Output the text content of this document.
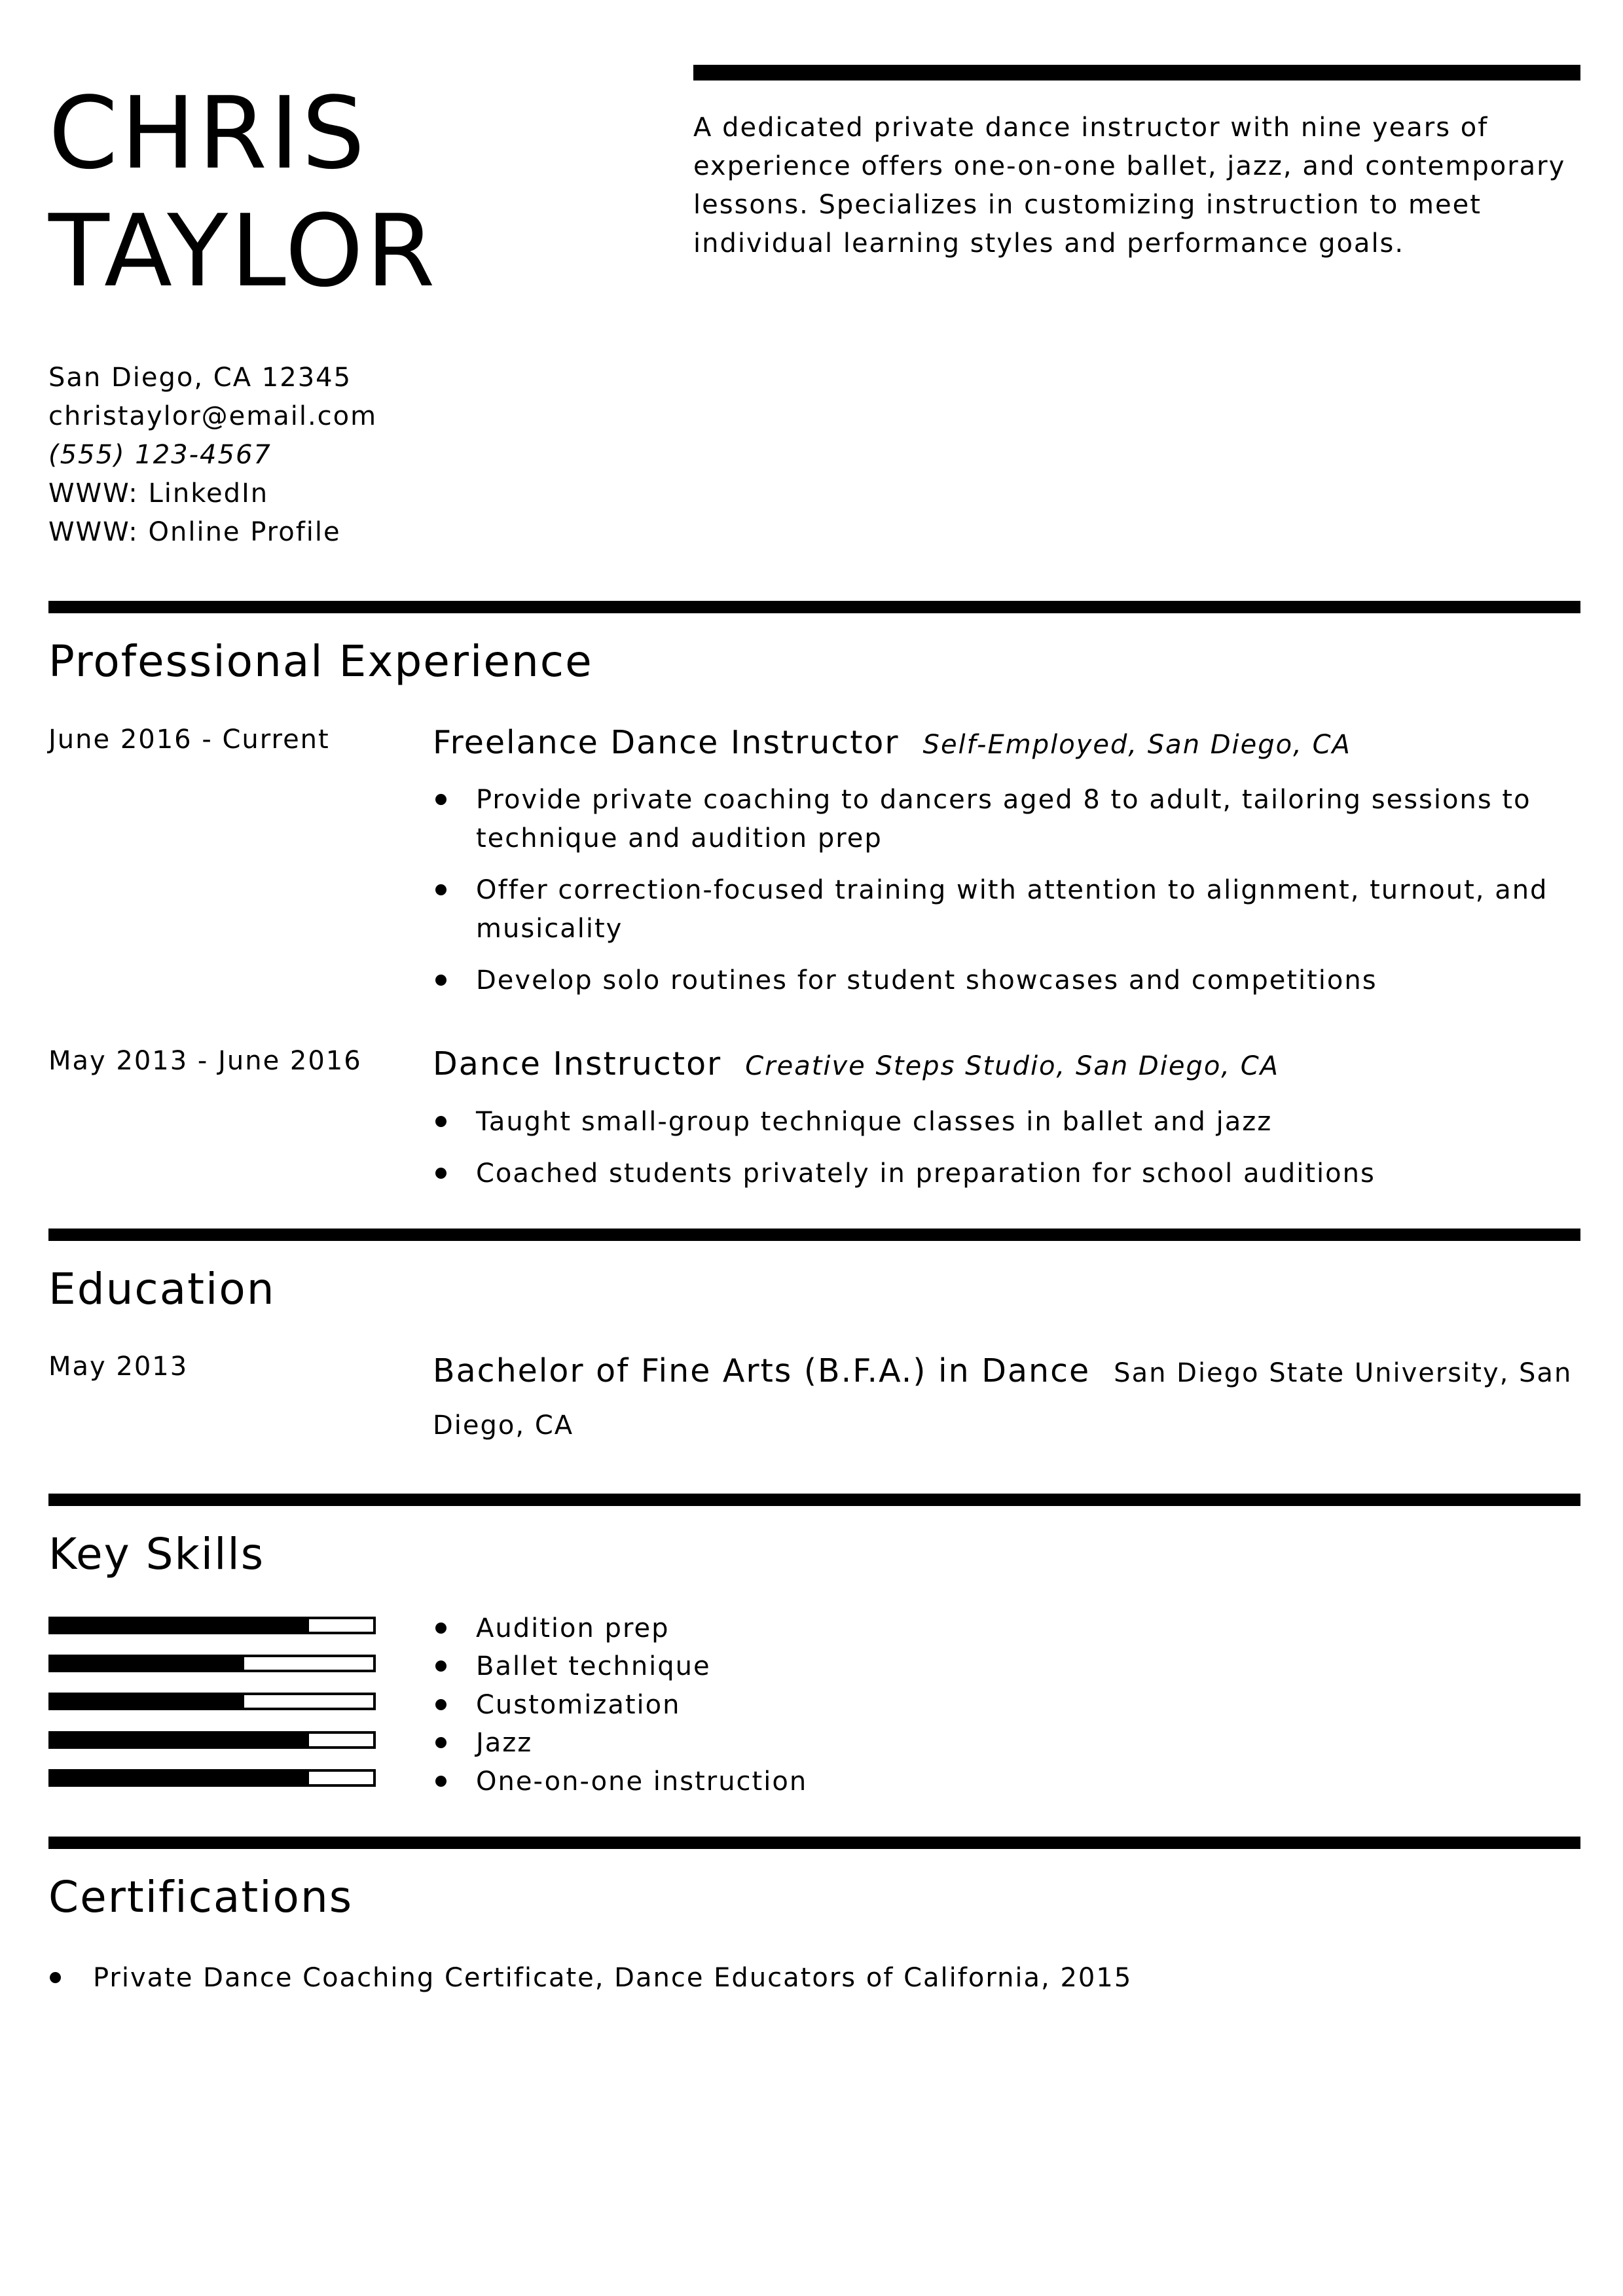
CHRIS
TAYLOR

A dedicated private dance instructor with nine years of experience offers one-on-one ballet, jazz, and contemporary lessons. Specializes in customizing instruction to meet individual learning styles and performance goals.

San Diego, CA 12345
christaylor@email.com
(555) 123-4567
WWW: LinkedIn
WWW: Online Profile
Professional Experience
June 2016 - Current	Freelance Dance Instructor Self-Employed, San Diego, CA
Provide private coaching to dancers aged 8 to adult, tailoring sessions to technique and audition prep
Offer correction-focused training with attention to alignment, turnout, and musicality
Develop solo routines for student showcases and competitions
May 2013 - June 2016 Dance Instructor Creative Steps Studio, San Diego, CA
Taught small-group technique classes in ballet and jazz
Coached students privately in preparation for school auditions
Education
May 2013	Bachelor of Fine Arts (B.F.A.) in Dance San Diego State University, San Diego, CA
Key Skills
Audition prep
Ballet technique
Customization
Jazz
One-on-one instruction
Certifications
Private Dance Coaching Certificate, Dance Educators of California, 2015
